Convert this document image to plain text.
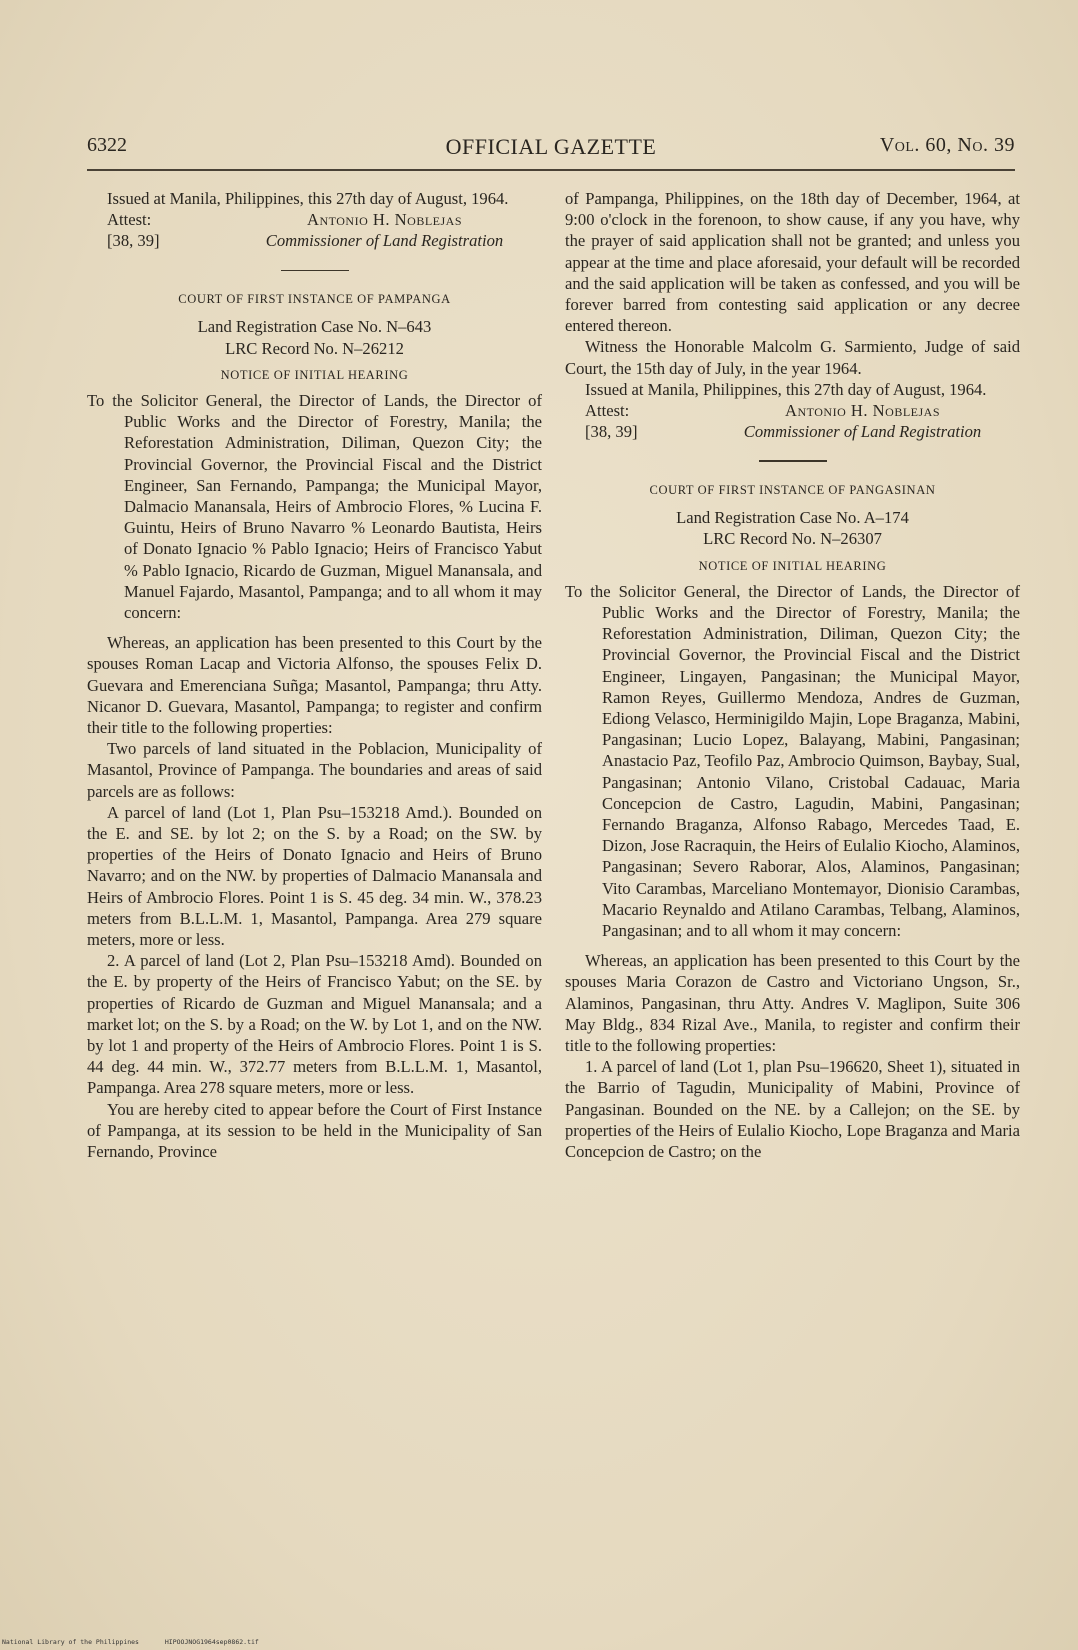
6322	OFFICIAL GAZETTE	Vol. 60, No. 39

Issued at Manila, Philippines, this 27th day of August, 1964.

Attest:	Antonio H. Noblejas
[38, 39]	Commissioner of Land Registration

COURT OF FIRST INSTANCE OF PAMPANGA

Land Registration Case No. N–643

LRC Record No. N–26212

NOTICE OF INITIAL HEARING

To the Solicitor General, the Director of Lands, the Director of Public Works and the Director of Forestry, Manila; the Reforestation Administration, Diliman, Quezon City; the Provincial Governor, the Provincial Fiscal and the District Engineer, San Fernando, Pampanga; the Municipal Mayor, Dalmacio Manansala, Heirs of Ambrocio Flores, % Lucina F. Guintu, Heirs of Bruno Navarro % Leonardo Bautista, Heirs of Donato Ignacio % Pablo Ignacio; Heirs of Francisco Yabut % Pablo Ignacio, Ricardo de Guzman, Miguel Manansala, and Manuel Fajardo, Masantol, Pampanga; and to all whom it may concern:

Whereas, an application has been presented to this Court by the spouses Roman Lacap and Victoria Alfonso, the spouses Felix D. Guevara and Emerenciana Suñga; Masantol, Pampanga; thru Atty. Nicanor D. Guevara, Masantol, Pampanga; to register and confirm their title to the following properties:

Two parcels of land situated in the Poblacion, Municipality of Masantol, Province of Pampanga. The boundaries and areas of said parcels are as follows:

A parcel of land (Lot 1, Plan Psu–153218 Amd.). Bounded on the E. and SE. by lot 2; on the S. by a Road; on the SW. by properties of the Heirs of Donato Ignacio and Heirs of Bruno Navarro; and on the NW. by properties of Dalmacio Manansala and Heirs of Ambrocio Flores. Point 1 is S. 45 deg. 34 min. W., 378.23 meters from B.L.L.M. 1, Masantol, Pampanga. Area 279 square meters, more or less.

2. A parcel of land (Lot 2, Plan Psu–153218 Amd). Bounded on the E. by property of the Heirs of Francisco Yabut; on the SE. by properties of Ricardo de Guzman and Miguel Manansala; and a market lot; on the S. by a Road; on the W. by Lot 1, and on the NW. by lot 1 and property of the Heirs of Ambrocio Flores. Point 1 is S. 44 deg. 44 min. W., 372.77 meters from B.L.L.M. 1, Masantol, Pampanga. Area 278 square meters, more or less.

You are hereby cited to appear before the Court of First Instance of Pampanga, at its session to be held in the Municipality of San Fernando, Province

of Pampanga, Philippines, on the 18th day of December, 1964, at 9:00 o'clock in the forenoon, to show cause, if any you have, why the prayer of said application shall not be granted; and unless you appear at the time and place aforesaid, your default will be recorded and the said application will be taken as confessed, and you will be forever barred from contesting said application or any decree entered thereon.

Witness the Honorable Malcolm G. Sarmiento, Judge of said Court, the 15th day of July, in the year 1964.

Issued at Manila, Philippines, this 27th day of August, 1964.

Attest:	Antonio H. Noblejas
[38, 39]	Commissioner of Land Registration

COURT OF FIRST INSTANCE OF PANGASINAN

Land Registration Case No. A–174

LRC Record No. N–26307

NOTICE OF INITIAL HEARING

To the Solicitor General, the Director of Lands, the Director of Public Works and the Director of Forestry, Manila; the Reforestation Administration, Diliman, Quezon City; the Provincial Governor, the Provincial Fiscal and the District Engineer, Lingayen, Pangasinan; the Municipal Mayor, Ramon Reyes, Guillermo Mendoza, Andres de Guzman, Ediong Velasco, Herminigildo Majin, Lope Braganza, Mabini, Pangasinan; Lucio Lopez, Balayang, Mabini, Pangasinan; Anastacio Paz, Teofilo Paz, Ambrocio Quimson, Baybay, Sual, Pangasinan; Antonio Vilano, Cristobal Cadauac, Maria Concepcion de Castro, Lagudin, Mabini, Pangasinan; Fernando Braganza, Alfonso Rabago, Mercedes Taad, E. Dizon, Jose Racraquin, the Heirs of Eulalio Kiocho, Alaminos, Pangasinan; Severo Raborar, Alos, Alaminos, Pangasinan; Vito Carambas, Marceliano Montemayor, Dionisio Carambas, Macario Reynaldo and Atilano Carambas, Telbang, Alaminos, Pangasinan; and to all whom it may concern:

Whereas, an application has been presented to this Court by the spouses Maria Corazon de Castro and Victoriano Ungson, Sr., Alaminos, Pangasinan, thru Atty. Andres V. Maglipon, Suite 306 May Bldg., 834 Rizal Ave., Manila, to register and confirm their title to the following properties:

1. A parcel of land (Lot 1, plan Psu–196620, Sheet 1), situated in the Barrio of Tagudin, Municipality of Mabini, Province of Pangasinan. Bounded on the NE. by a Callejon; on the SE. by properties of the Heirs of Eulalio Kiocho, Lope Braganza and Maria Concepcion de Castro; on the

National Library of the Philippines	HIPOOJNOG1964sep0862.tif
